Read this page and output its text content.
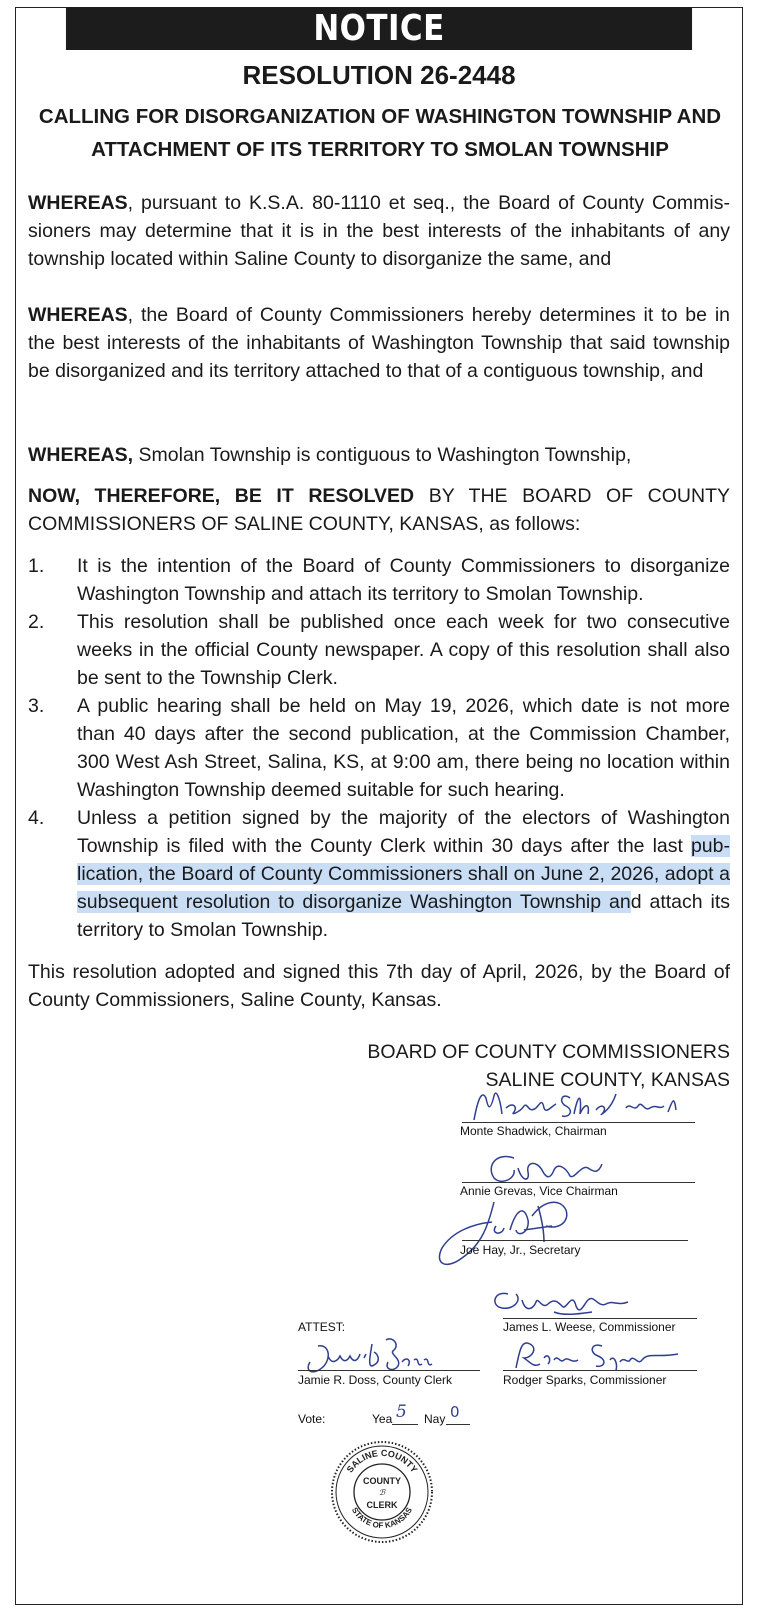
NOTICE
RESOLUTION 26-2448
CALLING FOR DISORGANIZATION OF WASHINGTON TOWNSHIP AND ATTACHMENT OF ITS TERRITORY TO SMOLAN TOWNSHIP
WHEREAS, pursuant to K.S.A. 80-1110 et seq., the Board of County Commissioners may determine that it is in the best interests of the inhabitants of any township located within Saline County to disorganize the same, and
WHEREAS, the Board of County Commissioners hereby determines it to be in the best interests of the inhabitants of Washington Township that said township be disorganized and its territory attached to that of a contiguous township, and
WHEREAS, Smolan Township is contiguous to Washington Township,
NOW, THEREFORE, BE IT RESOLVED BY THE BOARD OF COUNTY COMMISSIONERS OF SALINE COUNTY, KANSAS, as follows:
1. It is the intention of the Board of County Commissioners to disorganize Washington Township and attach its territory to Smolan Township.
2. This resolution shall be published once each week for two consecutive weeks in the official County newspaper. A copy of this resolution shall also be sent to the Township Clerk.
3. A public hearing shall be held on May 19, 2026, which date is not more than 40 days after the second publication, at the Commission Chamber, 300 West Ash Street, Salina, KS, at 9:00 am, there being no location within Washington Township deemed suitable for such hearing.
4. Unless a petition signed by the majority of the electors of Washington Township is filed with the County Clerk within 30 days after the last publication, the Board of County Commissioners shall on June 2, 2026, adopt a subsequent resolution to disorganize Washington Township and attach its territory to Smolan Township.
This resolution adopted and signed this 7th day of April, 2026, by the Board of County Commissioners, Saline County, Kansas.
BOARD OF COUNTY COMMISSIONERS
SALINE COUNTY, KANSAS
Monte Shadwick, Chairman
Annie Grevas, Vice Chairman
Joe Hay, Jr., Secretary
James L. Weese, Commissioner
ATTEST:
Jamie R. Doss, County Clerk	Rodger Sparks, Commissioner
Vote:	Yea 5 Nay 0
SALINE COUNTY
STATE OF KANSAS
COUNTY
ℬ
CLERK
